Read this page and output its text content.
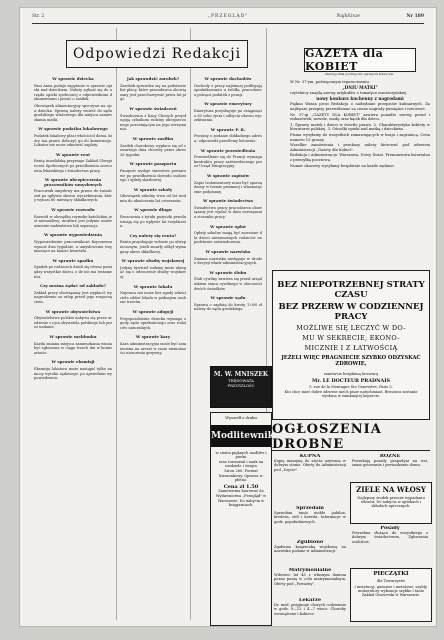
Str. 2	„PRZEGLĄD"	Najbliższe	Nr 189
Odpowiedzi Redakcji
W sprawie dziecka
Pani Anna podaje zapytanie w sprawie opieki nad dzieckiem. Należy zgłosić się do urzędu opieki społecznej z odpowiednimi dokumentami i prosić o zasiłek.
Obowiązek alimentacyjny spoczywa na ojcu dziecka. Sprawę należy wnieść do sądu grodzkiego właściwego dla miejsca zamieszkania matki.
W sprawie podatku lokalowego
Podatek lokalowy płaci właściciel domu, który ma prawo doliczyć go do komornego. Lokator nie może odmówić zapłaty.
W sprawie rent
Rentę inwalidzką przyznaje Zakład Ubezpieczeń Społecznych po przedłożeniu orzeczenia lekarskiego i świadectwa pracy.
W sprawie ubezpieczenia pracowników umysłowych
Pracownik umysłowy ma prawo do świadczeń po upływie okresu wyczekiwania, który wynosi 60 miesięcy składkowych.
W sprawie rozwodu
Rozwód w obrządku rzymsko-katolickim jest niemożliwy; możliwe jest jedynie unieważnienie małżeństwa lub separacja.
W sprawie wypowiedzenia
Wypowiedzenie pracownikowi fizycznemu wynosi dwa tygodnie, a umysłowemu trzy miesiące na koniec kwartału.
W sprawie spadku
Spadek po rodzicach dzieli się równo pomiędzy wszystkie dzieci, o ile nie ma testamentu.
Czy można żądać od zakładu?
Zakład pracy obowiązany jest wypłacić wynagrodzenie za urlop przed jego rozpoczęciem.
W sprawie obywatelstwa
Obywatelstwo polskie nabywa się przez urodzenie z ojca obywatela polskiego lub przez nadanie.
W sprawie meldunku
Każda zmiana miejsca zamieszkania winna być zgłoszona w ciągu trzech dni w komisariacie.
W sprawie eksmisji
Eksmisja lokatora może nastąpić tylko na mocy wyroku sądowego, po uprzednim wypowiedzeniu.
Jak sprawdzić zarobek?
Zarobek sprawdza się na podstawie list płacy, które pracodawca obowiązany jest przechowywać przez lat pięć.
W sprawie świadczeń
Świadczenia z Kasy Chorych przysługują członkom rodziny ubezpieczonego pozostającym na jego utrzymaniu.
W sprawie zasiłku
Zasiłek chorobowy wypłaca się od czwartego dnia choroby przez okres 26 tygodni.
W sprawie paszportu
Paszport wydaje starostwo powiatowe po przedłożeniu dowodu osobistego i opłaty skarbowej.
W sprawie szkoły
Obowiązek szkolny trwa od lat siedmiu do ukończenia lat czternastu.
W sprawie długu
Roszczenia z tytułu pożyczki przedawniają się po upływie lat trzydziestu.
Czy należy się renta?
Renta przysługuje wdowie po ubezpieczonym, jeżeli zmarły odbył wymagany okres składkowy.
W sprawie służby wojskowej
Jedyny żywiciel rodziny może ubiegać się o odroczenie służby wojskowej.
W sprawie lokalu
Najemca nie może bez zgody właściciela oddać lokalu w podnajem osobom trzecim.
W sprawie adopcji
Przysposobienie dziecka wymaga zgody sądu opiekuńczego oraz rodziców naturalnych.
W sprawie kary
Kara administracyjna może być zamieniona na areszt w razie niemożności uiszczenia grzywny.
W sprawie dochodów
Dochody z pracy najemnej podlegają opodatkowaniu u źródła; pracodawca potrąca podatek z pensji.
W sprawie emerytury
Emerytura przysługuje po osiągnięciu 65 roku życia i odbyciu okresu wyczekiwania.
W sprawie P. R.
Prosimy o podanie dokładnego adresu; odpowiedź prześlemy listownie.
W sprawie przesiedlenia
Przesiedlenie się do Francji wymaga kontraktu pracy zatwierdzonego przez Urząd Emigracyjny.
W sprawie zapisów
Zapis testamentowy musi być sporządzony w formie pisemnej i własnoręcznie podpisany.
W sprawie świadectwa
Świadectwo pracy pracodawca obowiązany jest wydać w dniu rozwiązania stosunku pracy.
W sprawie opłat
Opłaty szkolne mogą być zniesione dla dzieci niezamożnych rodziców na podstawie zaświadczenia.
W sprawie nazwiska
Zmiana nazwiska następuje w drodze decyzji władz administracyjnych.
W sprawie ślubu
Ślub cywilny zawiera się przed urzędnikiem stanu cywilnego w obecności dwóch świadków.
W sprawie sądu
Sprawa o zapłatę do kwoty 1.000 zł należy do sądu grodzkiego.
GAZETA dla KOBIET
dwutygodnik poświęcony sprawom kobiecym
W Nr. 37-ym, poświęconym tegorocznemu
„DNIU MATKI"
czytelnicy znajdą szereg artykułów o tematyce macierzyńskiej.
nowy konkurs kuchenny z nagrodami
Piękna Wasza prosi Redakcja o nadsyłanie przepisów kulinarnych. Za najlepsze przepisy przewidziane są cenne nagrody pieniężne i rzeczowe.
Nr. 37-gi „GAZETY DLA KOBIET" zawiera ponadto szereg porad i wskazówek, nowele, modę oraz kącik dla dzieci.
1. Sprawy matek i dzieci w świetle prawa. 2. Charakterystyka kobiety w literaturze polskiej. 3. Ośrodki opieki nad matką i dzieckiem.
Pisma wysyłamy do wszystkich zamawiających w kraju i zagranicą. Cena numeru 15 groszy.
Wszelkie zamówienia i przekazy należy kierować pod adresem Administracji „Gazety dla Kobiet".
Redakcja i Administracja: Warszawa, Nowy Świat. Prenumerata kwartalna z przesyłką pocztową.
Numer okazowy wysyłamy bezpłatnie na każde żądanie.
BEZ NIEPOTRZEBNEJ STRATY CZASU
BEZ PRZERW W CODZIENNEJ PRACY
MOŻLIWE SIĘ LECZYĆ W DO-
MU W SEKRECIE, EKONO-
MICZNIE I Z ŁATWOŚCIĄ
JEŻELI WIĘC PRAGNIECIE SZYBKO ODZYSKAĆ ZDROWIE,
zamówcie bezpłatną broszurę
Mr. LE DOCTEUR PRADNAIS
5, rue de la Montagne Ste Geneviève, Paris 5.
Kto chce mieć dobre zdrowie niech pisze natychmiast. Broszura zostanie wysłana w zamkniętej kopercie.
M. W. MNISZEK
TRĘDOWATA
PRZYSZŁOŚĆ
Wyszedł z druku
Modlitewnik
w cieniu pięknych modlitw i pieśni
oraz rozważań i nauk na niedziele i święta
Stron 260. Format kieszonkowy. Oprawa w płótno.
Cena zł 1.50
Zamówienia kierować do Wydawnictwa „Przegląd" w Warszawie. Do nabycia w księgarniach.
OGŁOSZENIA DROBNE
KUPNA
Kupię maszynę do szycia używaną w dobrym stanie. Oferty do Administracji pod „Szycie".
ROŻNE
Poszukuję posady gospodyni na wsi, znam gotowanie i prowadzenie domu.
Sprzedam
Sprzedam tanio meble jadalne, kredens, stół i krzesła. Informacje w godz. popołudniowych.
Zgubiono
Zgubiono książeczkę wojskową na nazwisko podane w Administracji.
Matrymonialne
Wdowiec lat 45 z własnym domem pozna panią w celu matrymonialnym. Oferty pod „Poważny".
Lekarze
Dr. med. przyjmuje chorych codziennie w godz. 9—12 i 4—7 wiecz. Choroby wewnętrzne i kobiece.
Posady
Potrzebna służąca do wszystkiego z dobrym świadectwem. Zgłoszenia osobiście.
ZIELE NA WŁOSY
Najlepszy środek przeciw wypadaniu włosów. Do nabycia w aptekach i składach aptecznych.
PIECZĄTKI
dla Towarzystw
i instytucyj, gumowe i metalowe, szyldy, numeratory wykonuje szybko i tanio Zakład Grawerski w Warszawie.
